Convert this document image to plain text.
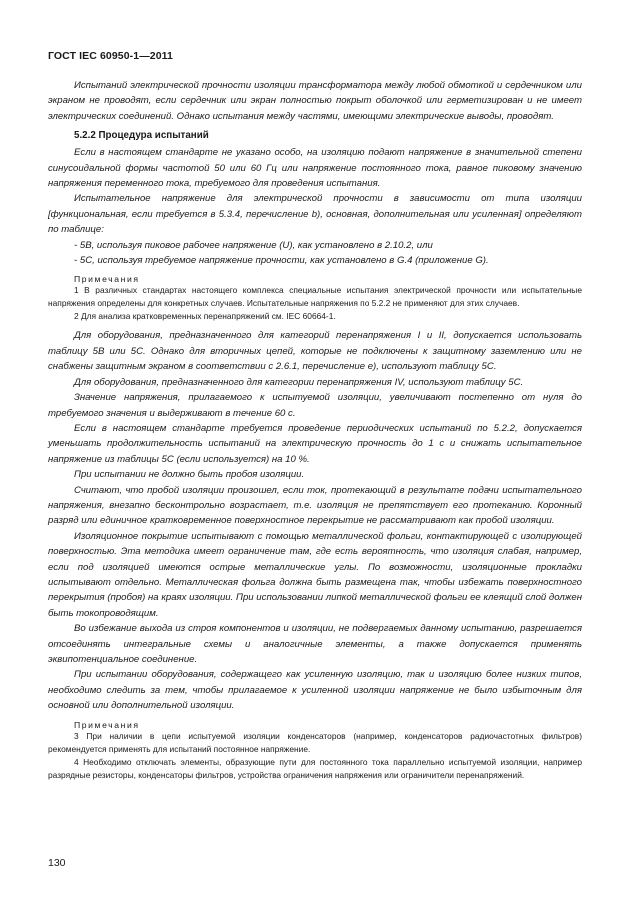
ГОСТ IEC 60950-1—2011

Испытаний электрической прочности изоляции трансформатора между любой обмоткой и сердечником или экраном не проводят, если сердечник или экран полностью покрыт оболочкой или герметизирован и не имеет электрических соединений. Однако испытания между частями, имеющими электрические выводы, проводят.

5.2.2 Процедура испытаний

Если в настоящем стандарте не указано особо, на изоляцию подают напряжение в значительной степени синусоидальной формы частотой 50 или 60 Гц или напряжение постоянного тока, равное пиковому значению напряжения переменного тока, требуемого для проведения испытания.

Испытательное напряжение для электрической прочности в зависимости от типа изоляции [функциональная, если требуется в 5.3.4, перечисление b), основная, дополнительная или усиленная] определяют по таблице:

- 5B, используя пиковое рабочее напряжение (U), как установлено в 2.10.2, или

- 5C, используя требуемое напряжение прочности, как установлено в G.4 (приложение G).

Примечания

1 В различных стандартах настоящего комплекса специальные испытания электрической прочности или испытательные напряжения определены для конкретных случаев. Испытательные напряжения по 5.2.2 не применяют для этих случаев.

2 Для анализа кратковременных перенапряжений см. IEC 60664-1.

Для оборудования, предназначенного для категорий перенапряжения I и II, допускается использовать таблицу 5B или 5C. Однако для вторичных цепей, которые не подключены к защитному заземлению или не снабжены защитным экраном в соответствии с 2.6.1, перечисление е), используют таблицу 5C.

Для оборудования, предназначенного для категории перенапряжения IV, используют таблицу 5C.

Значение напряжения, прилагаемого к испытуемой изоляции, увеличивают постепенно от нуля до требуемого значения и выдерживают в течение 60 с.

Если в настоящем стандарте требуется проведение периодических испытаний по 5.2.2, допускается уменьшать продолжительность испытаний на электрическую прочность до 1 с и снижать испытательное напряжение из таблицы 5C (если используется) на 10 %.

При испытании не должно быть пробоя изоляции.

Считают, что пробой изоляции произошел, если ток, протекающий в результате подачи испытательного напряжения, внезапно бесконтрольно возрастает, т.е. изоляция не препятствует его протеканию. Коронный разряд или единичное кратковременное поверхностное перекрытие не рассматривают как пробой изоляции.

Изоляционное покрытие испытывают с помощью металлической фольги, контактирующей с изолирующей поверхностью. Эта методика имеет ограничение там, где есть вероятность, что изоляция слабая, например, если под изоляцией имеются острые металлические углы. По возможности, изоляционные прокладки испытывают отдельно. Металлическая фольга должна быть размещена так, чтобы избежать поверхностного перекрытия (пробоя) на краях изоляции. При использовании липкой металлической фольги ее клеящий слой должен быть токопроводящим.

Во избежание выхода из строя компонентов и изоляции, не подвергаемых данному испытанию, разрешается отсоединять интегральные схемы и аналогичные элементы, а также допускается применять эквипотенциальное соединение.

При испытании оборудования, содержащего как усиленную изоляцию, так и изоляцию более низких типов, необходимо следить за тем, чтобы прилагаемое к усиленной изоляции напряжение не было избыточным для основной или дополнительной изоляции.

Примечания

3 При наличии в цепи испытуемой изоляции конденсаторов (например, конденсаторов радиочастотных фильтров) рекомендуется применять для испытаний постоянное напряжение.

4 Необходимо отключать элементы, образующие пути для постоянного тока параллельно испытуемой изоляции, например разрядные резисторы, конденсаторы фильтров, устройства ограничения напряжения или ограничители перенапряжений.

130
